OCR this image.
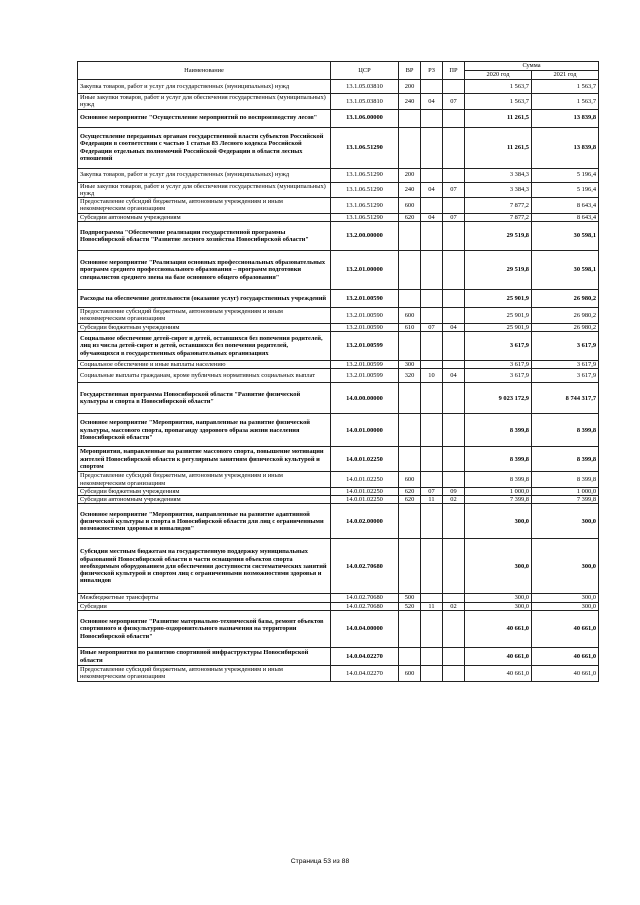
Наименование	ЦСР	ВР	РЗ	ПР	Сумма	
					2020 год	2021 год
Закупка товаров, работ и услуг для государственных (муниципальных) нужд	13.1.05.03810	200			1 563,7	1 563,7
Иные закупки товаров, работ и услуг для обеспечения государственных (муниципальных) нужд	13.1.05.03810	240	04	07	1 563,7	1 563,7
Основное мероприятие "Осуществление мероприятий по воспроизводству лесов"	13.1.06.00000				11 261,5	13 839,8
Осуществление переданных органам государственной власти субъектов Российской Федерации в соответствии с частью 1 статьи 83 Лесного кодекса Российской Федерации отдельных полномочий Российской Федерации в области лесных отношений	13.1.06.51290				11 261,5	13 839,8
Закупка товаров, работ и услуг для государственных (муниципальных) нужд	13.1.06.51290	200			3 384,3	5 196,4
Иные закупки товаров, работ и услуг для обеспечения государственных (муниципальных) нужд	13.1.06.51290	240	04	07	3 384,3	5 196,4
Предоставление субсидий бюджетным, автономным учреждениям и иным некоммерческим организациям	13.1.06.51290	600			7 877,2	8 643,4
Субсидии автономным учреждениям	13.1.06.51290	620	04	07	7 877,2	8 643,4
Подпрограмма "Обеспечение реализации государственной программы Новосибирской области "Развитие лесного хозяйства Новосибирской области"	13.2.00.00000				29 519,8	30 598,1
Основное мероприятие "Реализация основных профессиональных образовательных программ среднего профессионального образования – программ подготовки специалистов среднего звена на базе основного общего образования"	13.2.01.00000				29 519,8	30 598,1
Расходы на обеспечение деятельности (оказание услуг) государственных учреждений	13.2.01.00590				25 901,9	26 980,2
Предоставление субсидий бюджетным, автономным учреждениям и иным некоммерческим организациям	13.2.01.00590	600			25 901,9	26 980,2
Субсидии бюджетным учреждениям	13.2.01.00590	610	07	04	25 901,9	26 980,2
Социальное обеспечение детей-сирот и детей, оставшихся без попечения родителей, лиц из числа детей-сирот и детей, оставшихся без попечения родителей, обучающихся в государственных образовательных организациях	13.2.01.00599				3 617,9	3 617,9
Социальное обеспечение и иные выплаты населению	13.2.01.00599	300			3 617,9	3 617,9
Социальные выплаты гражданам, кроме публичных нормативных социальных выплат	13.2.01.00599	320	10	04	3 617,9	3 617,9
Государственная программа Новосибирской области "Развитие физической культуры и спорта в Новосибирской области"	14.0.00.00000				9 023 172,9	8 744 317,7
Основное мероприятие "Мероприятия, направленные на развитие физической культуры, массового спорта, пропаганду здорового образа жизни населения Новосибирской области"	14.0.01.00000				8 399,8	8 399,8
Мероприятия, направленные на развитие массового спорта, повышение мотивации жителей Новосибирской области к регулярным занятиям физической культурой и спортом	14.0.01.02250				8 399,8	8 399,8
Предоставление субсидий бюджетным, автономным учреждениям и иным некоммерческим организациям	14.0.01.02250	600			8 399,8	8 399,8
Субсидии бюджетным учреждениям	14.0.01.02250	620	07	09	1 000,0	1 000,0
Субсидии автономным учреждениям	14.0.01.02250	620	11	02	7 399,8	7 399,8
Основное мероприятие "Мероприятия, направленные на развитие адаптивной физической культуры и спорта в Новосибирской области для лиц с ограниченными возможностями здоровья и инвалидов"	14.0.02.00000				300,0	300,0
Субсидии местным бюджетам на государственную поддержку муниципальных образований Новосибирской области в части оснащения объектов спорта необходимым оборудованием для обеспечения доступности систематических занятий физической культурой и спортом лиц с ограниченными возможностями здоровья и инвалидов	14.0.02.70680				300,0	300,0
Межбюджетные трансферты	14.0.02.70680	500			300,0	300,0
Субсидии	14.0.02.70680	520	11	02	300,0	300,0
Основное мероприятие "Развитие материально-технической базы, ремонт объектов спортивного и физкультурно-оздоровительного назначения на территории Новосибирской области"	14.0.04.00000				40 661,0	40 661,0
Иные мероприятия по развитию спортивной инфраструктуры Новосибирской области	14.0.04.02270				40 661,0	40 661,0
Предоставление субсидий бюджетным, автономным учреждениям и иным некоммерческим организациям	14.0.04.02270	600			40 661,0	40 661,0
Страница 53 из 88
